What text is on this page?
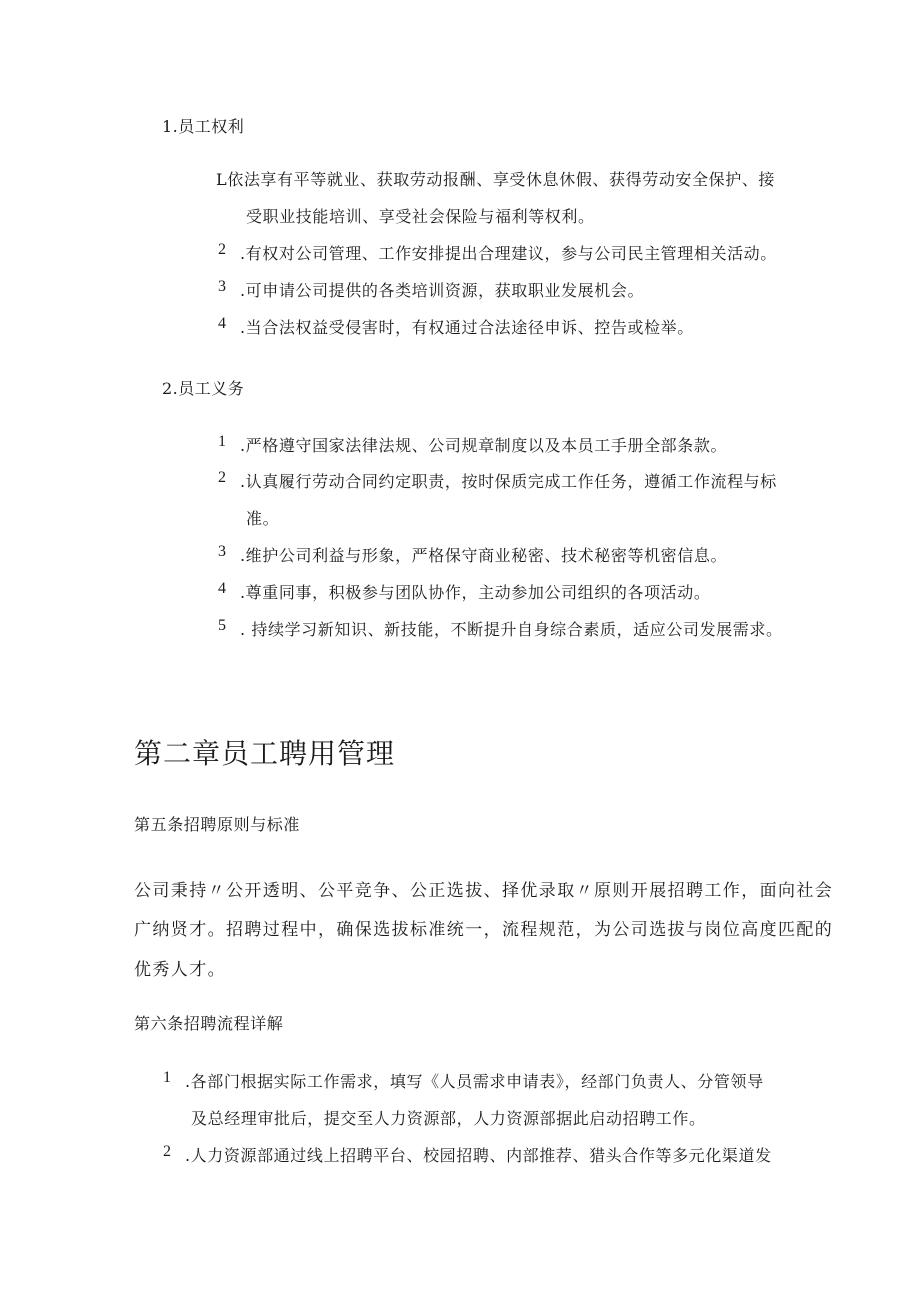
1.员工权利
L依法享有平等就业、获取劳动报酬、享受休息休假、获得劳动安全保护、接
受职业技能培训、享受社会保险与福利等权利。
2 .有权对公司管理、工作安排提出合理建议，参与公司民主管理相关活动。
3 .可申请公司提供的各类培训资源，获取职业发展机会。
4 .当合法权益受侵害时，有权通过合法途径申诉、控告或检举。
2.员工义务
1 .严格遵守国家法律法规、公司规章制度以及本员工手册全部条款。
2 .认真履行劳动合同约定职责，按时保质完成工作任务，遵循工作流程与标
准。
3 .维护公司利益与形象，严格保守商业秘密、技术秘密等机密信息。
4 .尊重同事，积极参与团队协作，主动参加公司组织的各项活动。
5 . 持续学习新知识、新技能，不断提升自身综合素质，适应公司发展需求。
第二章员工聘用管理
第五条招聘原则与标准
公司秉持〃公开透明、公平竞争、公正选拔、择优录取〃原则开展招聘工作，面向社会
广纳贤才。招聘过程中，确保选拔标准统一，流程规范，为公司选拔与岗位高度匹配的
优秀人才。
第六条招聘流程详解
1 .各部门根据实际工作需求，填写《人员需求申请表》，经部门负责人、分管领导
及总经理审批后，提交至人力资源部，人力资源部据此启动招聘工作。
2 .人力资源部通过线上招聘平台、校园招聘、内部推荐、猎头合作等多元化渠道发
